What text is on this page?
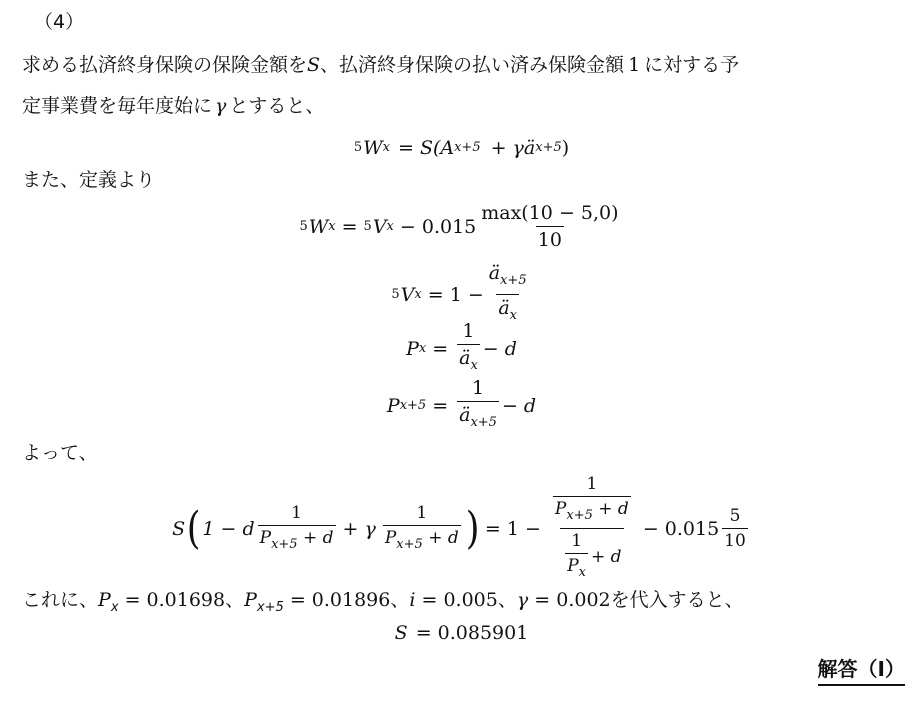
（4）
求める払済終身保険の保険金額をS、払済終身保険の払い済み保険金額 1 に対する予
定事業費を毎年度始に γ とすると、
5 W x = S(A x+5 + γä x+5 )
また、定義より
5 W x = 5 V $x - 0.015 \frac{\max(10 - 5,0)}{10}$
5 V $x = 1 - \frac{ä_{x+5}}{ä_x}$
P $x = \frac{1}{ä_x} - d$
P $x+5 = \frac{1}{ä_{x+5}} - d$
よって、
S ( 1 − d $\frac{1}{P_{x+5} + d} + \gamma \frac{1}{P_{x+5} + d}$ ) = $1 - \frac{\frac{1}{P_{x+5} + d}}{\frac{1}{P_x} + d} - 0.015 \frac{5}{10}$
これに、$P_x = 0.01698$、$P_{x+5} = 0.01896$、i = 0.005、γ = 0.002を代入すると、
S = 0.085901
解答（I）
